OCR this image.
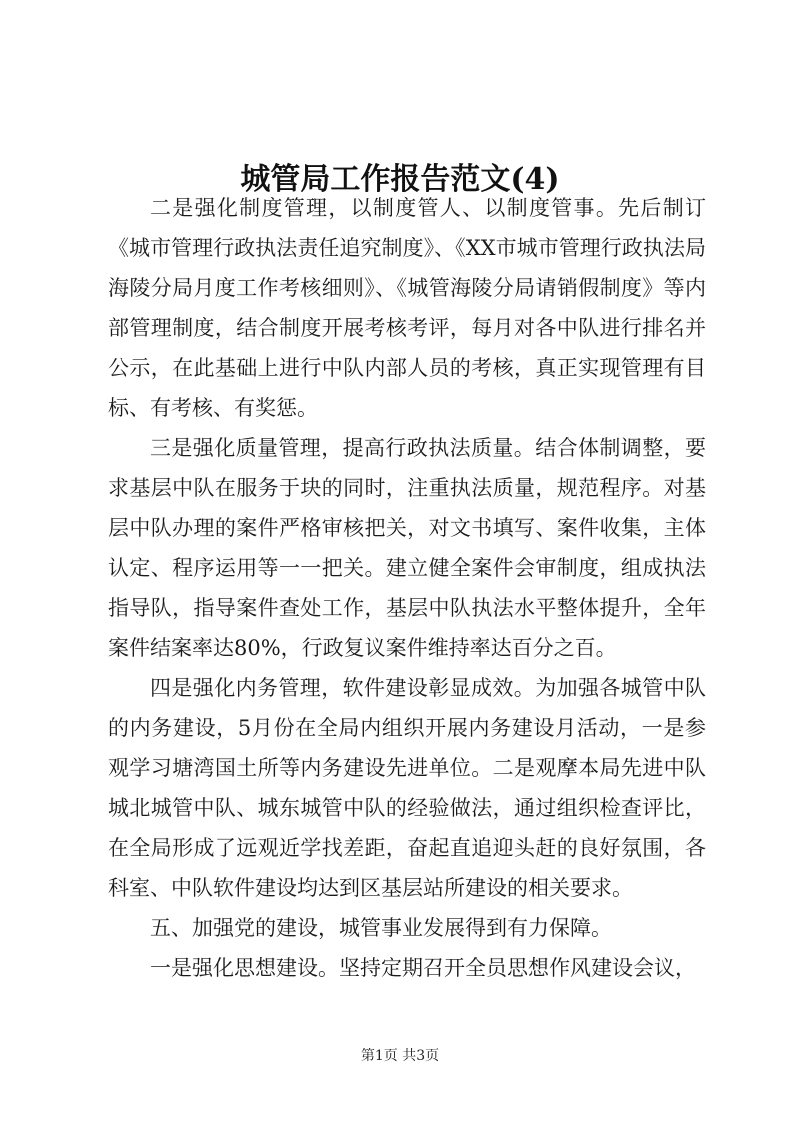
城管局工作报告范文(4)

二是强化制度管理，以制度管人、以制度管事。先后制订《城市管理行政执法责任追究制度》、《XX市城市管理行政执法局海陵分局月度工作考核细则》、《城管海陵分局请销假制度》等内部管理制度，结合制度开展考核考评，每月对各中队进行排名并公示，在此基础上进行中队内部人员的考核，真正实现管理有目标、有考核、有奖惩。

三是强化质量管理，提高行政执法质量。结合体制调整，要求基层中队在服务于块的同时，注重执法质量，规范程序。对基层中队办理的案件严格审核把关，对文书填写、案件收集，主体认定、程序运用等一一把关。建立健全案件会审制度，组成执法指导队，指导案件查处工作，基层中队执法水平整体提升，全年案件结案率达80%，行政复议案件维持率达百分之百。

四是强化内务管理，软件建设彰显成效。为加强各城管中队的内务建设，5月份在全局内组织开展内务建设月活动，一是参观学习塘湾国土所等内务建设先进单位。二是观摩本局先进中队城北城管中队、城东城管中队的经验做法，通过组织检查评比，在全局形成了远观近学找差距，奋起直追迎头赶的良好氛围，各科室、中队软件建设均达到区基层站所建设的相关要求。

五、加强党的建设，城管事业发展得到有力保障。

一是强化思想建设。坚持定期召开全员思想作风建设会议，

第1页 共3页
